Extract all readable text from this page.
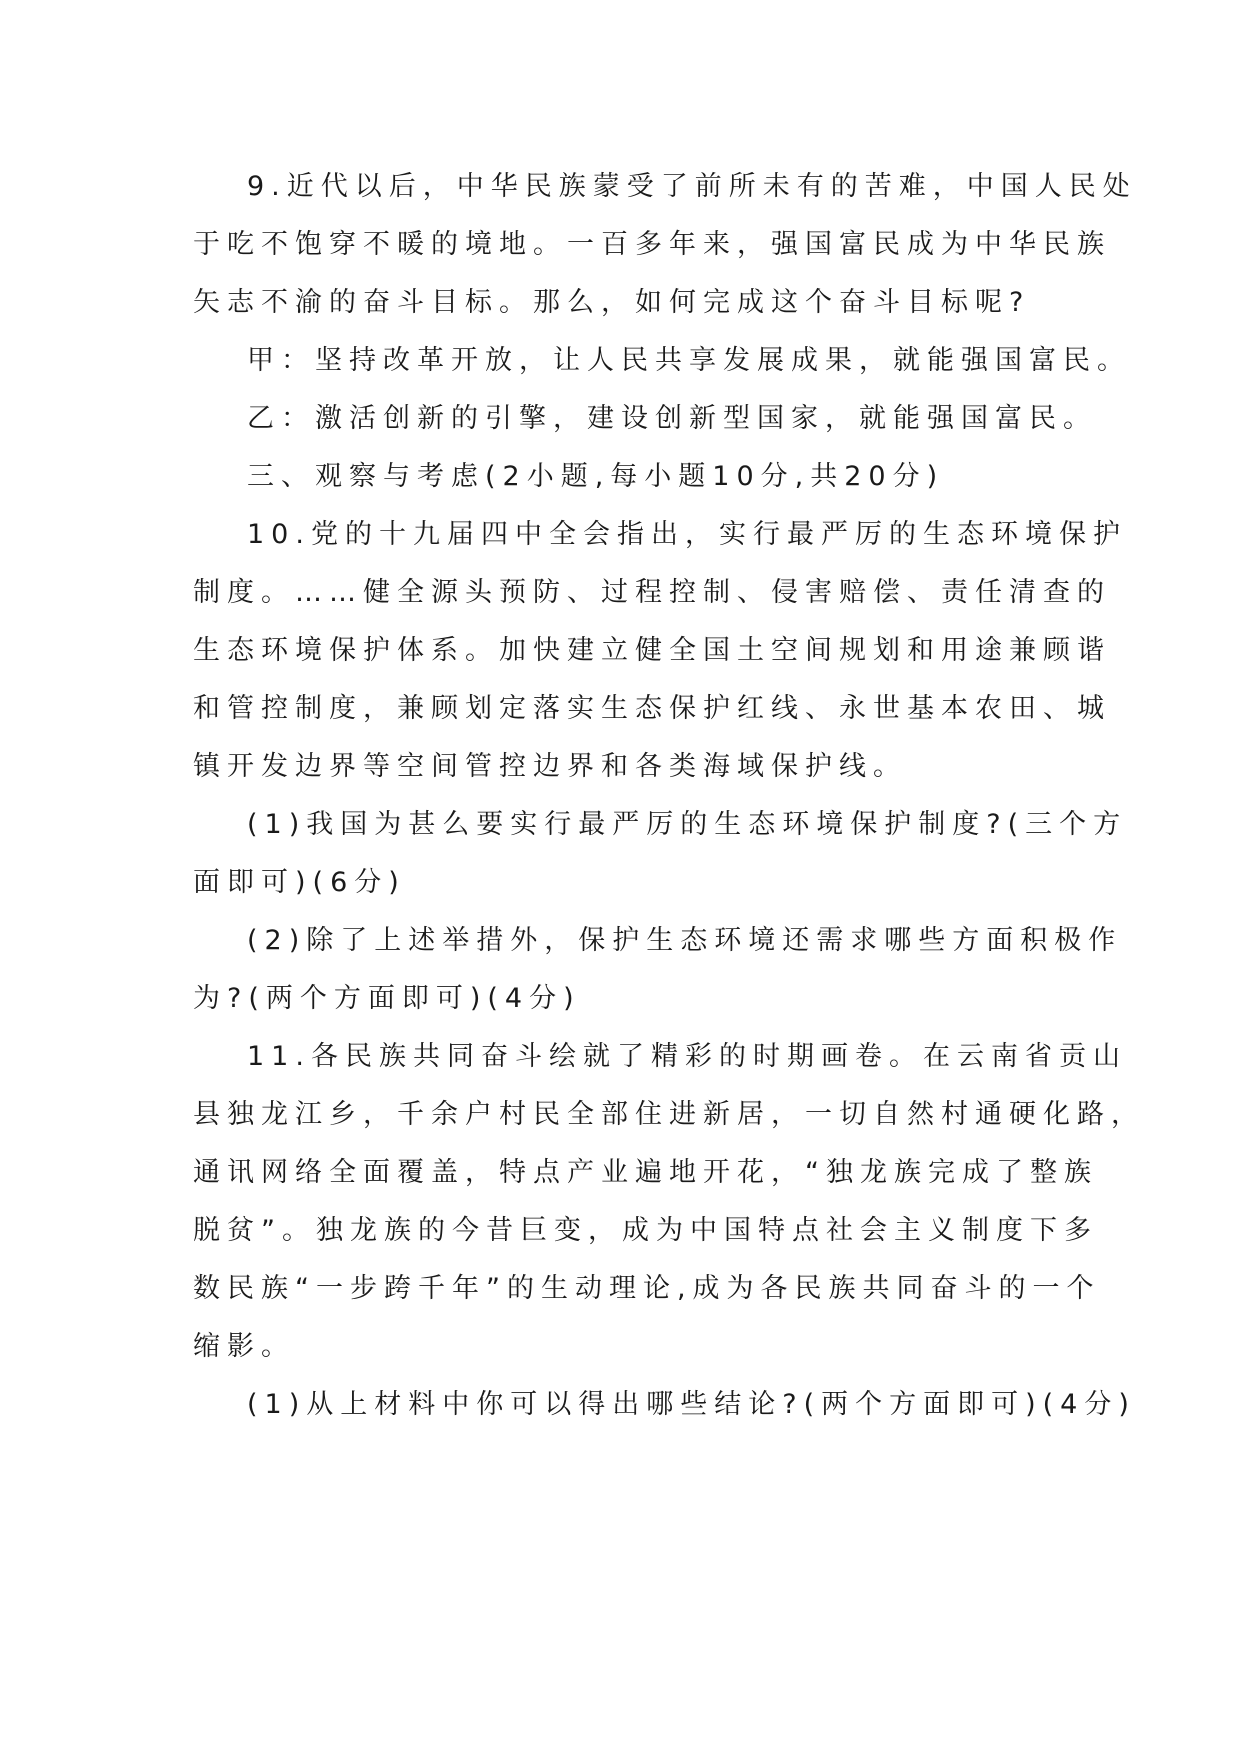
9.近代以后，中华民族蒙受了前所未有的苦难，中国人民处
于吃不饱穿不暖的境地。一百多年来，强国富民成为中华民族
矢志不渝的奋斗目标。那么，如何完成这个奋斗目标呢?
甲：坚持改革开放，让人民共享发展成果，就能强国富民。
乙：激活创新的引擎，建设创新型国家，就能强国富民。
三、观察与考虑(2小题,每小题10分,共20分)
10.党的十九届四中全会指出，实行最严厉的生态环境保护
制度。……健全源头预防、过程控制、侵害赔偿、责任清查的
生态环境保护体系。加快建立健全国土空间规划和用途兼顾谐
和管控制度，兼顾划定落实生态保护红线、永世基本农田、城
镇开发边界等空间管控边界和各类海域保护线。
(1)我国为甚么要实行最严厉的生态环境保护制度?(三个方
面即可)(6分)
(2)除了上述举措外，保护生态环境还需求哪些方面积极作
为?(两个方面即可)(4分)
11.各民族共同奋斗绘就了精彩的时期画卷。在云南省贡山
县独龙江乡，千余户村民全部住进新居，一切自然村通硬化路，
通讯网络全面覆盖，特点产业遍地开花，“独龙族完成了整族
脱贫”。独龙族的今昔巨变，成为中国特点社会主义制度下多
数民族“一步跨千年”的生动理论,成为各民族共同奋斗的一个
缩影。
(1)从上材料中你可以得出哪些结论?(两个方面即可)(4分)
